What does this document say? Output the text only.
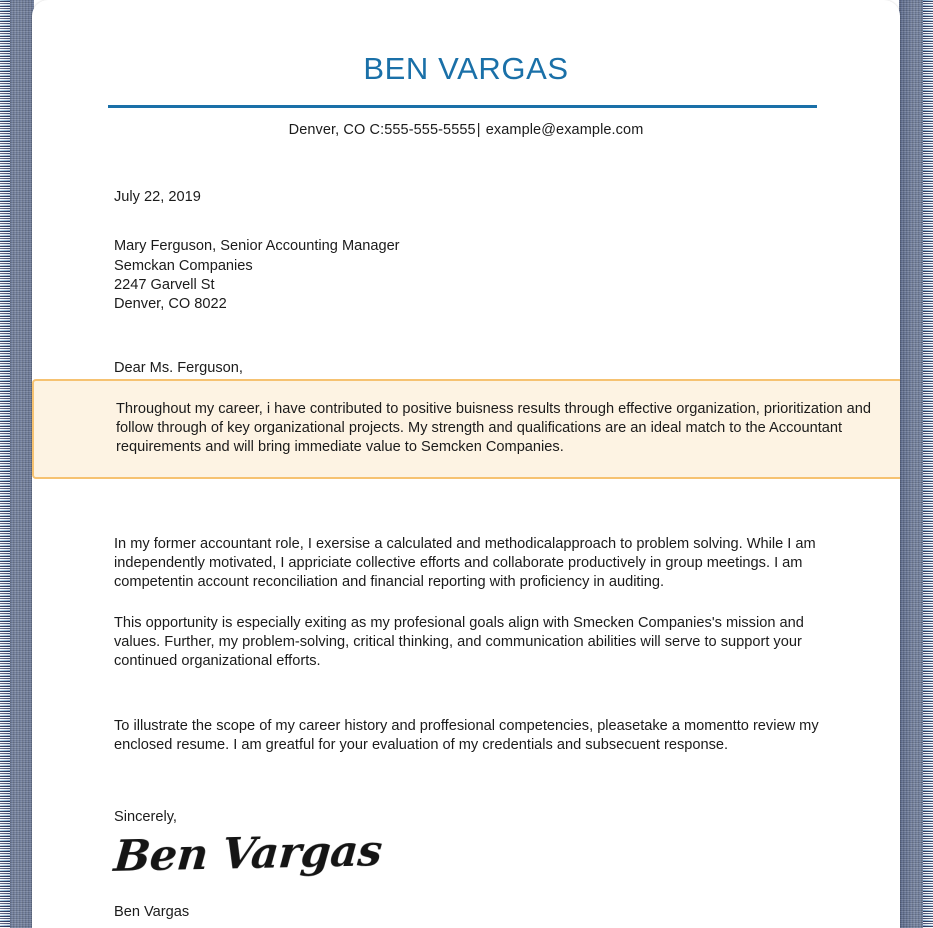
BEN VARGAS
Denver, CO C:555-555-5555| example@example.com
July 22, 2019
Mary Ferguson, Senior Accounting Manager
Semckan Companies
2247 Garvell St
Denver, CO 8022
Dear Ms. Ferguson,
In my former accountant role, I exersise a calculated and methodicalapproach to problem solving. While I am independently motivated, I appriciate collective efforts and collaborate productively in group meetings. I am competentin account reconciliation and financial reporting with proficiency in auditing.
This opportunity is especially exiting as my profesional goals align with Smecken Companies's mission and values. Further, my problem-solving, critical thinking, and communication abilities will serve to support your continued organizational efforts.
To illustrate the scope of my career history and proffesional competencies, pleasetake a momentto review my enclosed resume. I am greatful for your evaluation of my credentials and subsecuent response.
Sincerely,
Ben Vargas
Ben Vargas
Throughout my career, i have contributed to positive buisness results through effective organization, prioritization and follow through of key organizational projects. My strength and qualifications are an ideal match to the Accountant requirements and will bring immediate value to Semcken Companies.
